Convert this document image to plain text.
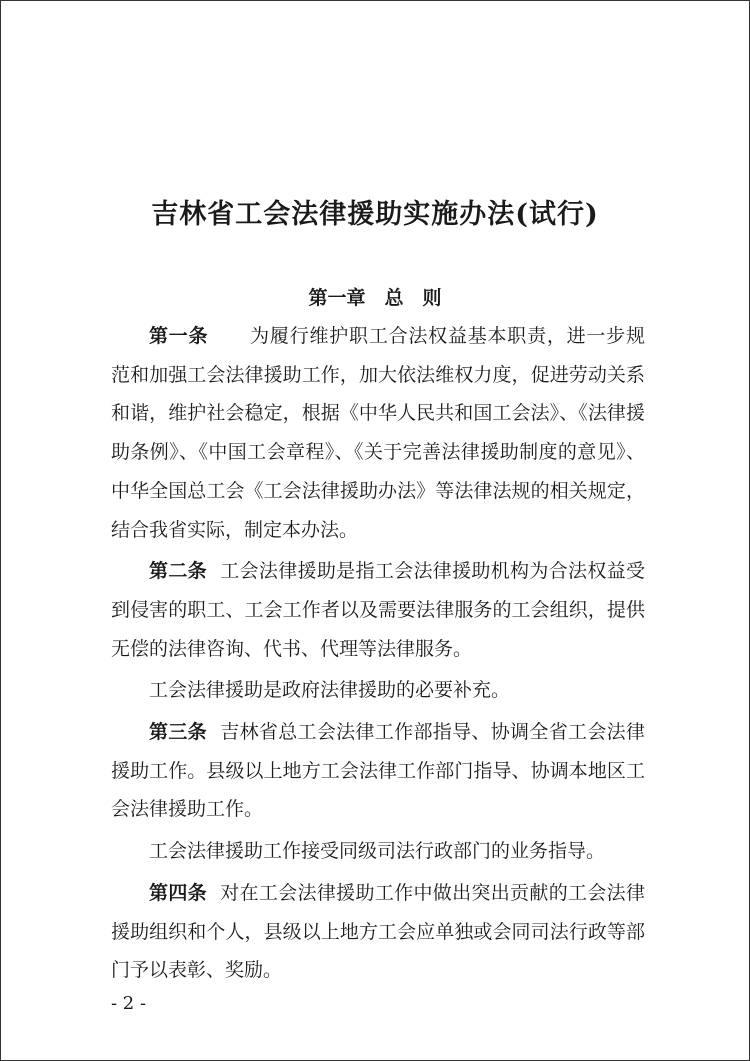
吉林省工会法律援助实施办法(试行)
第一章　总　则

第一条 为履行维护职工合法权益基本职责，进一步规范和加强工会法律援助工作，加大依法维权力度，促进劳动关系和谐，维护社会稳定，根据《中华人民共和国工会法》、《法律援助条例》、《中国工会章程》、《关于完善法律援助制度的意见》、中华全国总工会《工会法律援助办法》等法律法规的相关规定，结合我省实际，制定本办法。

第二条 工会法律援助是指工会法律援助机构为合法权益受到侵害的职工、工会工作者以及需要法律服务的工会组织，提供无偿的法律咨询、代书、代理等法律服务。

工会法律援助是政府法律援助的必要补充。

第三条 吉林省总工会法律工作部指导、协调全省工会法律援助工作。县级以上地方工会法律工作部门指导、协调本地区工会法律援助工作。

工会法律援助工作接受同级司法行政部门的业务指导。

第四条 对在工会法律援助工作中做出突出贡献的工会法律援助组织和个人，县级以上地方工会应单独或会同司法行政等部门予以表彰、奖励。

- 2 -
